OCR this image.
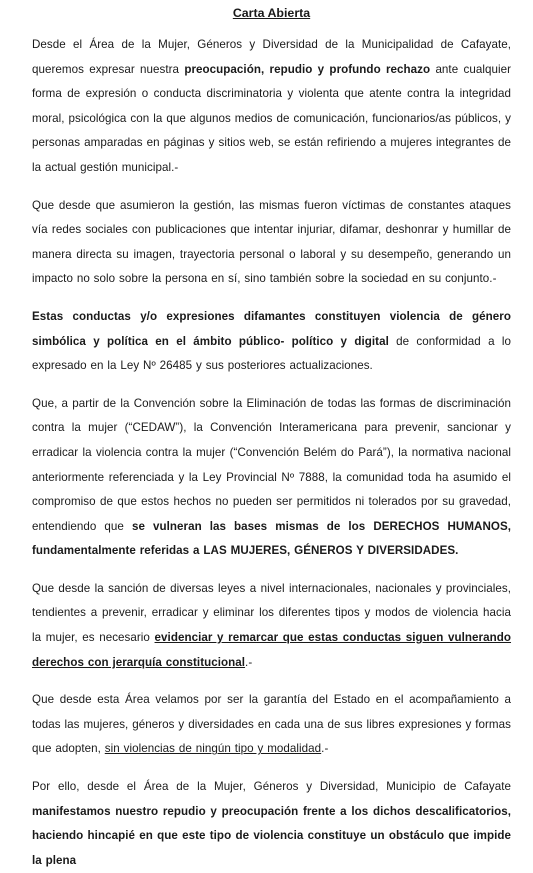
Carta Abierta

Desde el Área de la Mujer, Géneros y Diversidad de la Municipalidad de Cafayate, queremos expresar nuestra preocupación, repudio y profundo rechazo ante cualquier forma de expresión o conducta discriminatoria y violenta que atente contra la integridad moral, psicológica con la que algunos medios de comunicación, funcionarios/as públicos, y personas amparadas en páginas y sitios web, se están refiriendo a mujeres integrantes de la actual gestión municipal.-

Que desde que asumieron la gestión, las mismas fueron víctimas de constantes ataques vía redes sociales con publicaciones que intentar injuriar, difamar, deshonrar y humillar de manera directa su imagen, trayectoria personal o laboral y su desempeño, generando un impacto no solo sobre la persona en sí, sino también sobre la sociedad en su conjunto.-

Estas conductas y/o expresiones difamantes constituyen violencia de género simbólica y política en el ámbito público- político y digital de conformidad a lo expresado en la Ley Nº 26485 y sus posteriores actualizaciones.

Que, a partir de la Convención sobre la Eliminación de todas las formas de discriminación contra la mujer (“CEDAW”), la Convención Interamericana para prevenir, sancionar y erradicar la violencia contra la mujer (“Convención Belém do Pará”), la normativa nacional anteriormente referenciada y la Ley Provincial Nº 7888, la comunidad toda ha asumido el compromiso de que estos hechos no pueden ser permitidos ni tolerados por su gravedad, entendiendo que se vulneran las bases mismas de los DERECHOS HUMANOS, fundamentalmente referidas a LAS MUJERES, GÉNEROS Y DIVERSIDADES.

Que desde la sanción de diversas leyes a nivel internacionales, nacionales y provinciales, tendientes a prevenir, erradicar y eliminar los diferentes tipos y modos de violencia hacia la mujer, es necesario evidenciar y remarcar que estas conductas siguen vulnerando derechos con jerarquía constitucional.-

Que desde esta Área velamos por ser la garantía del Estado en el acompañamiento a todas las mujeres, géneros y diversidades en cada una de sus libres expresiones y formas que adopten, sin violencias de ningún tipo y modalidad.-

Por ello, desde el Área de la Mujer, Géneros y Diversidad, Municipio de Cafayate manifestamos nuestro repudio y preocupación frente a los dichos descalificatorios, haciendo hincapié en que este tipo de violencia constituye un obstáculo que impide la plena
